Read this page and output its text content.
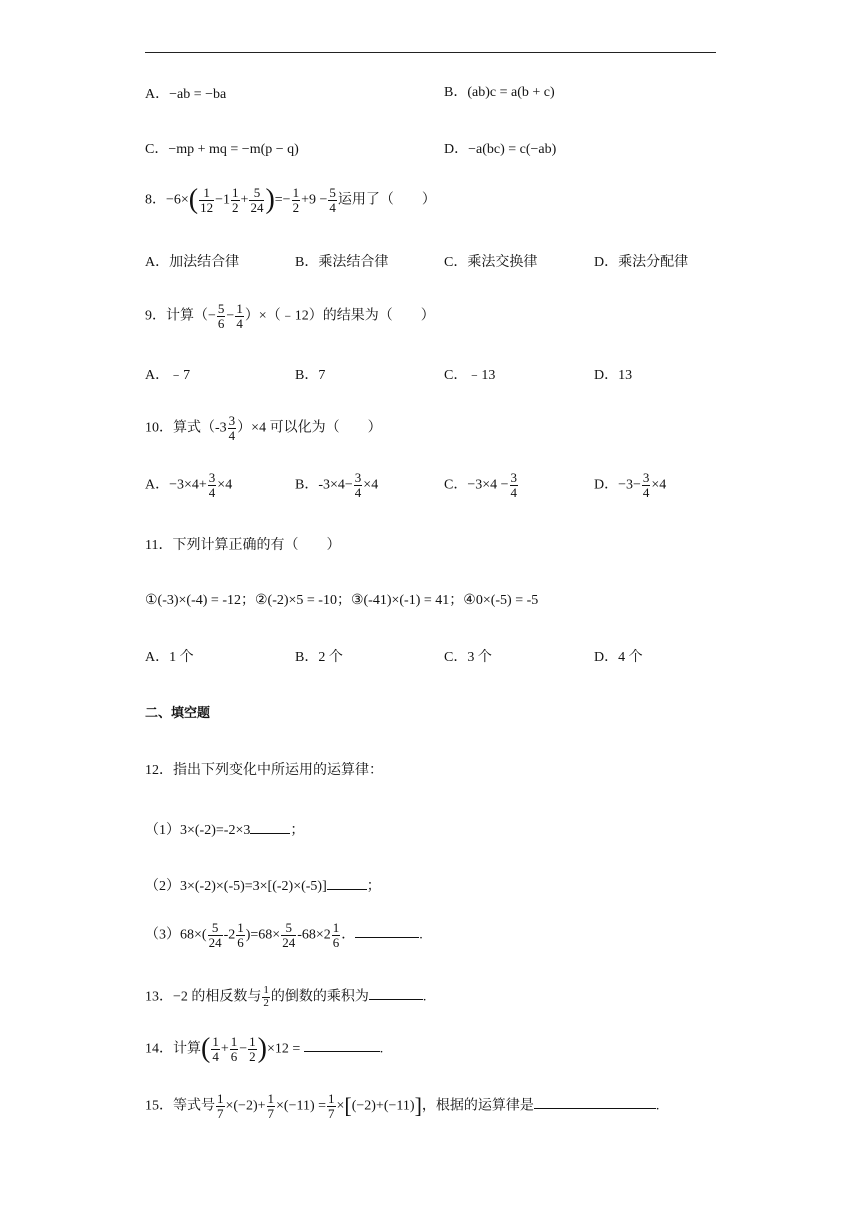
A．−ab = −ba	B．(ab)c = a(b + c)
C．−mp + mq = −m(p − q)	D．−a(bc) = c(−ab)
8．$-6\times( \frac{1}{12} -1 \frac{1}{2} + \frac{5}{24}$ )=− $\frac{1}{2} +9 - \frac{5}{4}$ 运用了（　　）
A．加法结合律	B．乘法结合律	C．乘法交换律	D．乘法分配律
9．计算（− $\frac{5}{6} - \frac{1}{4}$ ）×（﹣12）的结果为（　　）
A．﹣7	B．7	C．﹣13	D．13
10．算式$(-3 \frac{3}{4} )\times 4$ 可以化为（　　）
A．$-3\times 4+ \frac{3}{4} \times 4$	B．$-3\times 4- \frac{3}{4} \times 4$	C．$-3\times 4 - \frac{3}{4}$	D．$-3- \frac{3}{4} \times 4$
11．下列计算正确的有（　　）
①(-3)×(-4) = -12；②(-2)×5 = -10；③(-41)×(-1) = 41；④0×(-5) = -5
A．1 个	B．2 个	C．3 个	D．4 个
二、填空题
12．指出下列变化中所运用的运算律：
（1）3×(-2)=-2×3	；
（2）3×(-2)×(-5)=3×[(-2)×(-5)]	；
$(3)68\times( \frac{5}{24} -2 \frac{1}{6} )=68\times \frac{5}{24} -68\times 2 \frac{1}{6}$ ．	.
13．−2 的相反数与 $\frac{1}{2}$ 的倒数的乘积为	.
14．计算( $\frac{1}{4} + \frac{1}{6} - \frac{1}{2} )\times 12$ =	.
15．等式号 $\frac{1}{7} \times(-2)+ \frac{1}{7} \times(-11) = \frac{1}{7} \times[(-2)+(-11)]$，根据的运算律是	.
